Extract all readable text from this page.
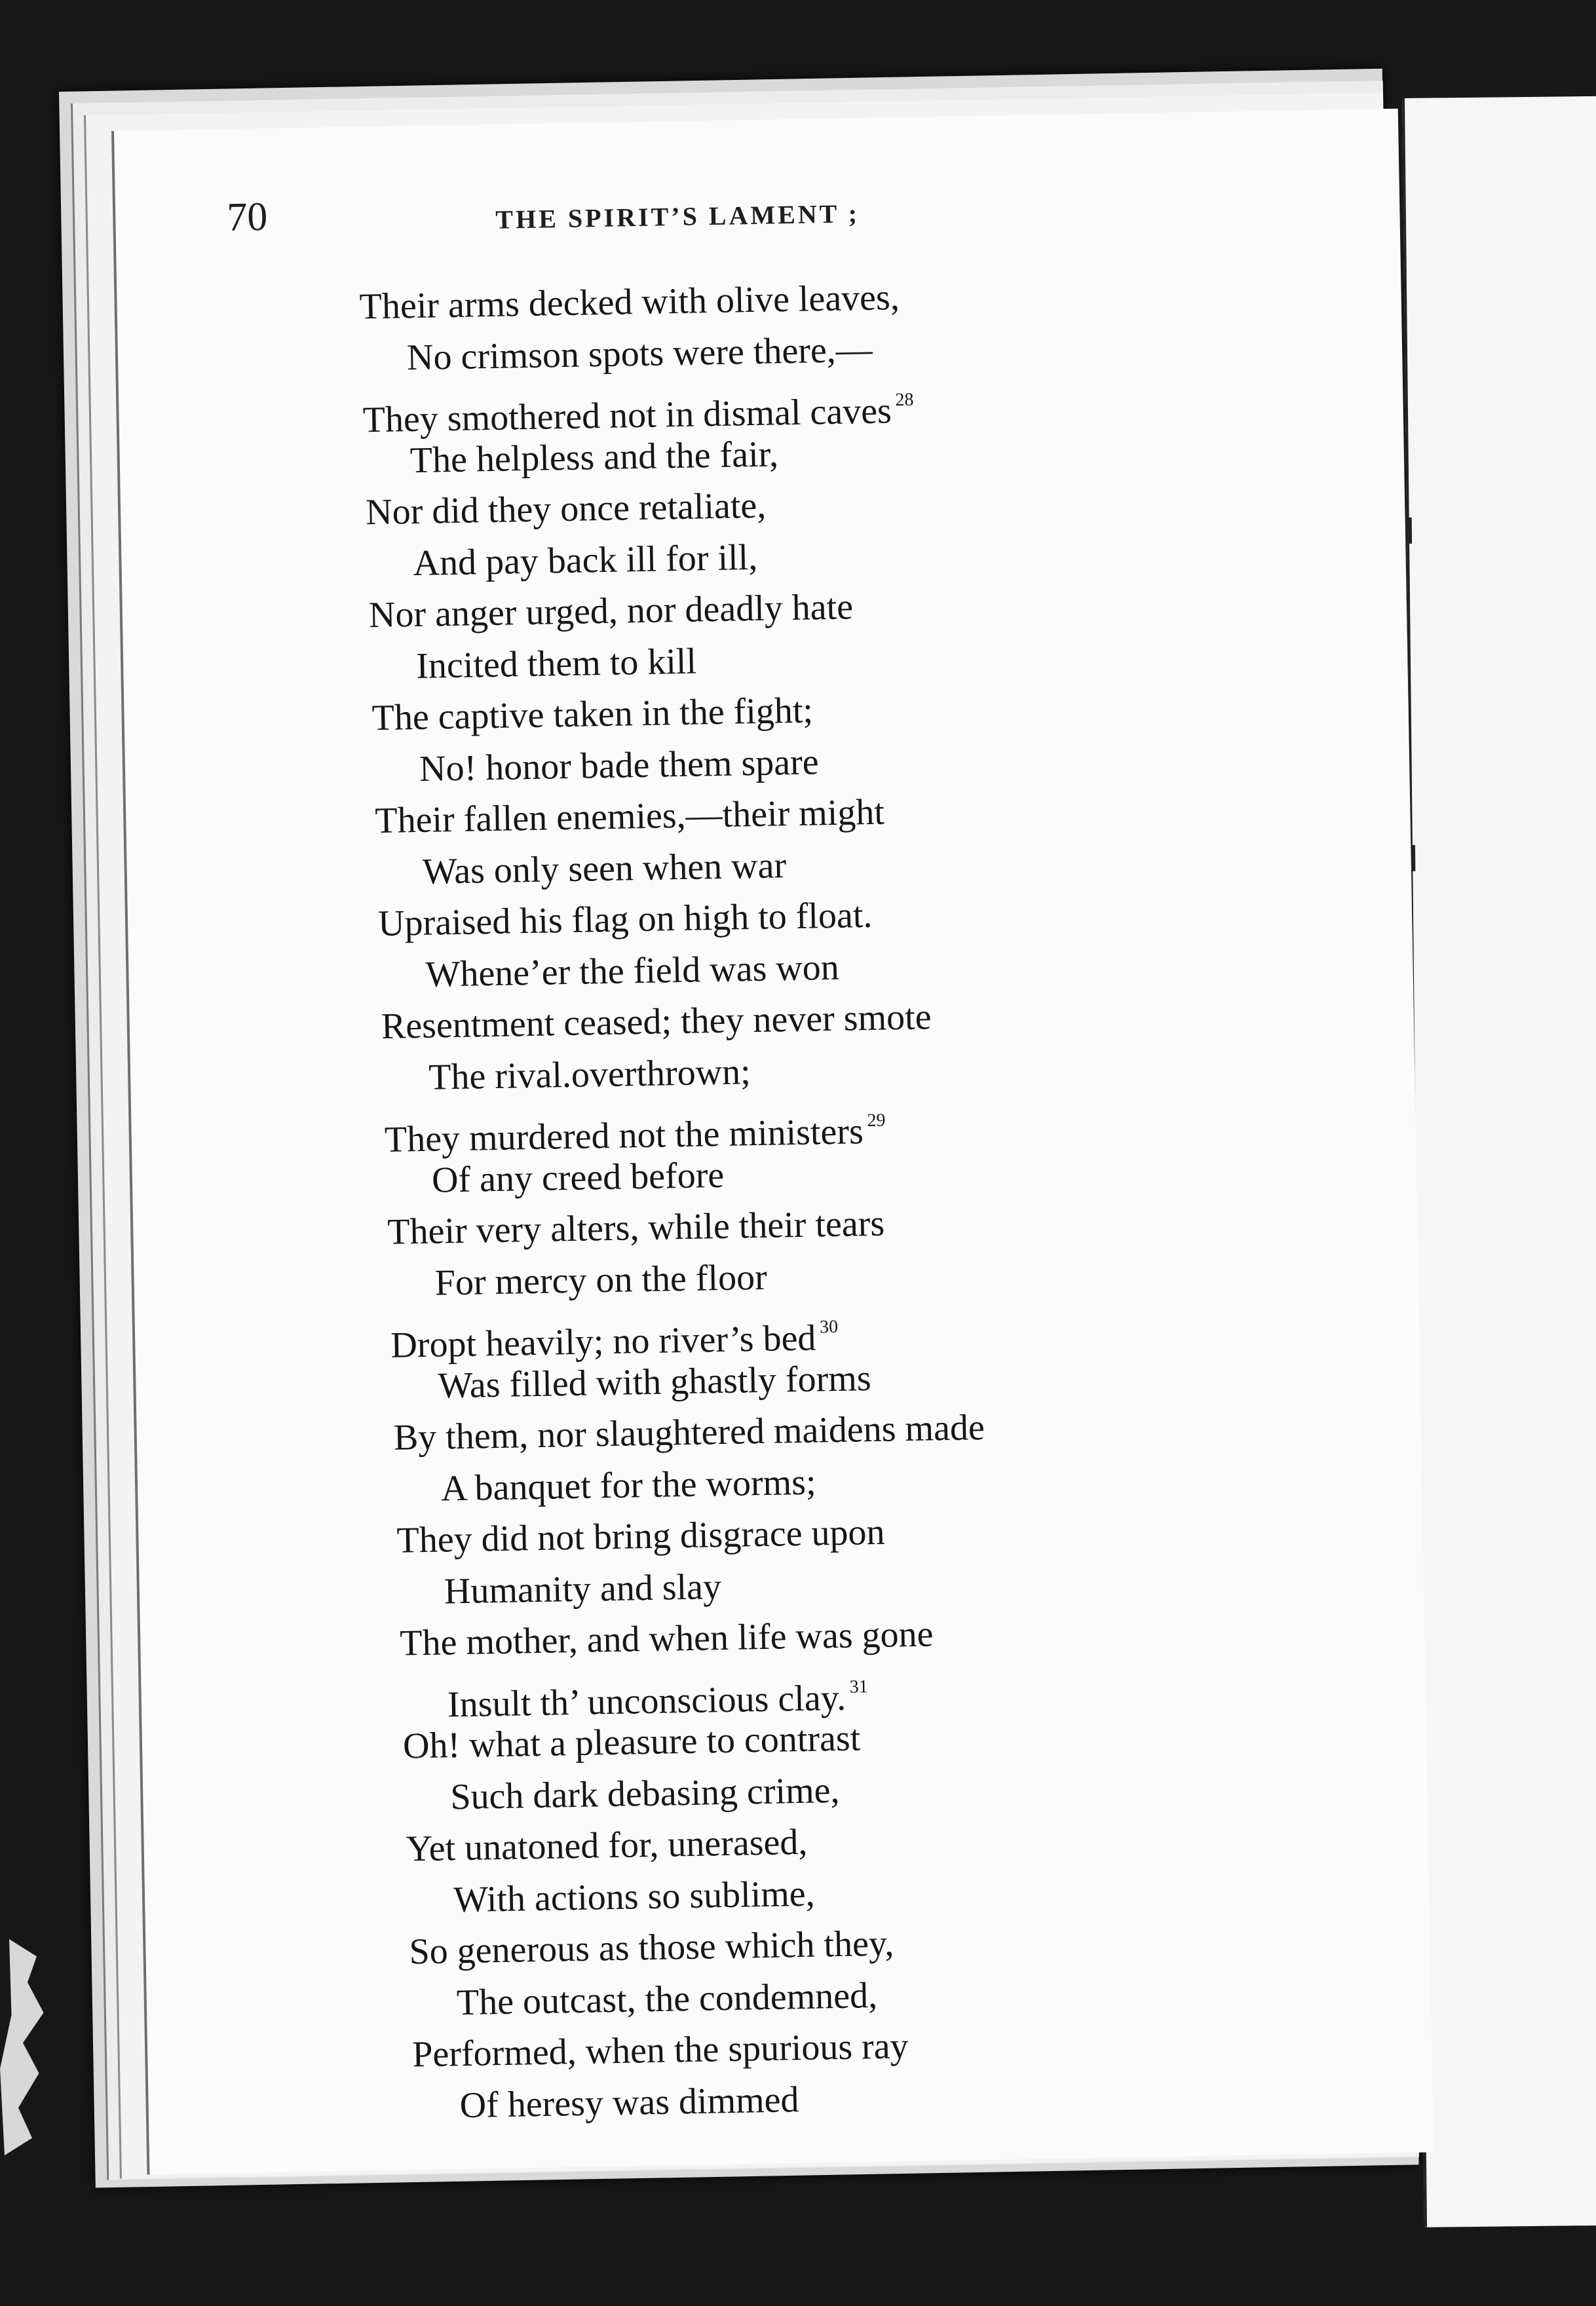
70	THE SPIRIT’S LAMENT ;
Their arms decked with olive leaves,
No crimson spots were there,—
They smothered not in dismal caves $^{28}$
The helpless and the fair,
Nor did they once retaliate,
And pay back ill for ill,
Nor anger urged, nor deadly hate
Incited them to kill
The captive taken in the fight;
No! honor bade them spare
Their fallen enemies,—their might
Was only seen when war
Upraised his flag on high to float.
Whene’er the field was won
Resentment ceased; they never smote
The rival.overthrown;
They murdered not the ministers $^{29}$
Of any creed before
Their very alters, while their tears
For mercy on the floor
Dropt heavily; no river’s bed $^{30}$
Was filled with ghastly forms
By them, nor slaughtered maidens made
A banquet for the worms;
They did not bring disgrace upon
Humanity and slay
The mother, and when life was gone
Insult th’ unconscious clay. $^{31}$
Oh! what a pleasure to contrast
Such dark debasing crime,
Yet unatoned for, unerased,
With actions so sublime,
So generous as those which they,
The outcast, the condemned,
Performed, when the spurious ray
Of heresy was dimmed
